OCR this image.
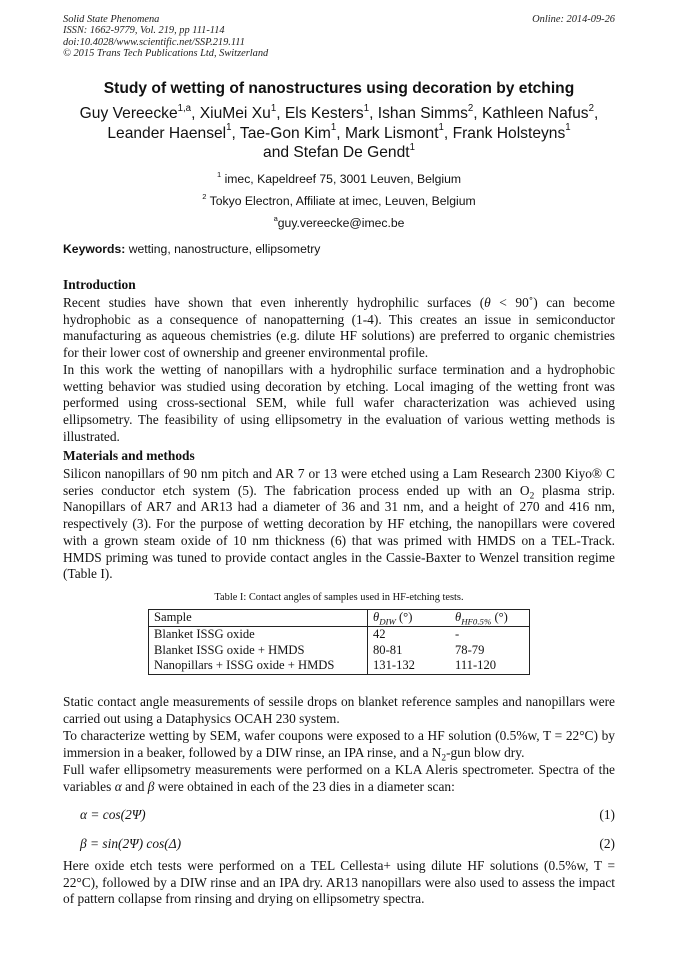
Solid State Phenomena
ISSN: 1662-9779, Vol. 219, pp 111-114
doi:10.4028/www.scientific.net/SSP.219.111
© 2015 Trans Tech Publications Ltd, Switzerland
Online: 2014-09-26
Study of wetting of nanostructures using decoration by etching
Guy Vereecke$^{1,a}$, XiuMei Xu$^1$, Els Kesters$^1$, Ishan Simms$^2$, Kathleen Nafus$^2$,
Leander Haensel$^1$, Tae-Gon Kim$^1$, Mark Lismont$^1$, Frank Holsteyns$^1$
and Stefan De Gendt$^1$
$^1$ imec, Kapeldreef 75, 3001 Leuven, Belgium
$^2$ Tokyo Electron, Affiliate at imec, Leuven, Belgium
$^a$guy.vereecke@imec.be
Keywords: wetting, nanostructure, ellipsometry
Introduction

Recent studies have shown that even inherently hydrophilic surfaces (θ < 90˚) can become hydrophobic as a consequence of nanopatterning (1-4). This creates an issue in semiconductor manufacturing as aqueous chemistries (e.g. dilute HF solutions) are preferred to organic chemistries for their lower cost of ownership and greener environmental profile.

In this work the wetting of nanopillars with a hydrophilic surface termination and a hydrophobic wetting behavior was studied using decoration by etching. Local imaging of the wetting front was performed using cross-sectional SEM, while full wafer characterization was achieved using ellipsometry. The feasibility of using ellipsometry in the evaluation of various wetting methods is illustrated.

Materials and methods

Silicon nanopillars of 90 nm pitch and AR 7 or 13 were etched using a Lam Research 2300 Kiyo® C series conductor etch system (5). The fabrication process ended up with an $O_2$ plasma strip. Nanopillars of AR7 and AR13 had a diameter of 36 and 31 nm, and a height of 270 and 416 nm, respectively (3). For the purpose of wetting decoration by HF etching, the nanopillars were covered with a grown steam oxide of 10 nm thickness (6) that was primed with HMDS on a TEL-Track. HMDS priming was tuned to provide contact angles in the Cassie-Baxter to Wenzel transition regime (Table I).

Table I: Contact angles of samples used in HF-etching tests.
Sample	$\theta_{DIW}$ (°)	$\theta_{HF0.5\%}$ (°)
Blanket ISSG oxide	42	-
Blanket ISSG oxide + HMDS	80-81	78-79
Nanopillars + ISSG oxide + HMDS	131-132	111-120

Static contact angle measurements of sessile drops on blanket reference samples and nanopillars were carried out using a Dataphysics OCAH 230 system.

To characterize wetting by SEM, wafer coupons were exposed to a HF solution (0.5%w, T = 22°C) by immersion in a beaker, followed by a DIW rinse, an IPA rinse, and a $N_2$-gun blow dry.

Full wafer ellipsometry measurements were performed on a KLA Aleris spectrometer. Spectra of the variables α and β were obtained in each of the 23 dies in a diameter scan:

α = cos(2Ψ)	(1)
β = sin(2Ψ) cos(Δ)	(2)

Here oxide etch tests were performed on a TEL Cellesta+ using dilute HF solutions (0.5%w, T = 22°C), followed by a DIW rinse and an IPA dry. AR13 nanopillars were also used to assess the impact of pattern collapse from rinsing and drying on ellipsometry spectra.
